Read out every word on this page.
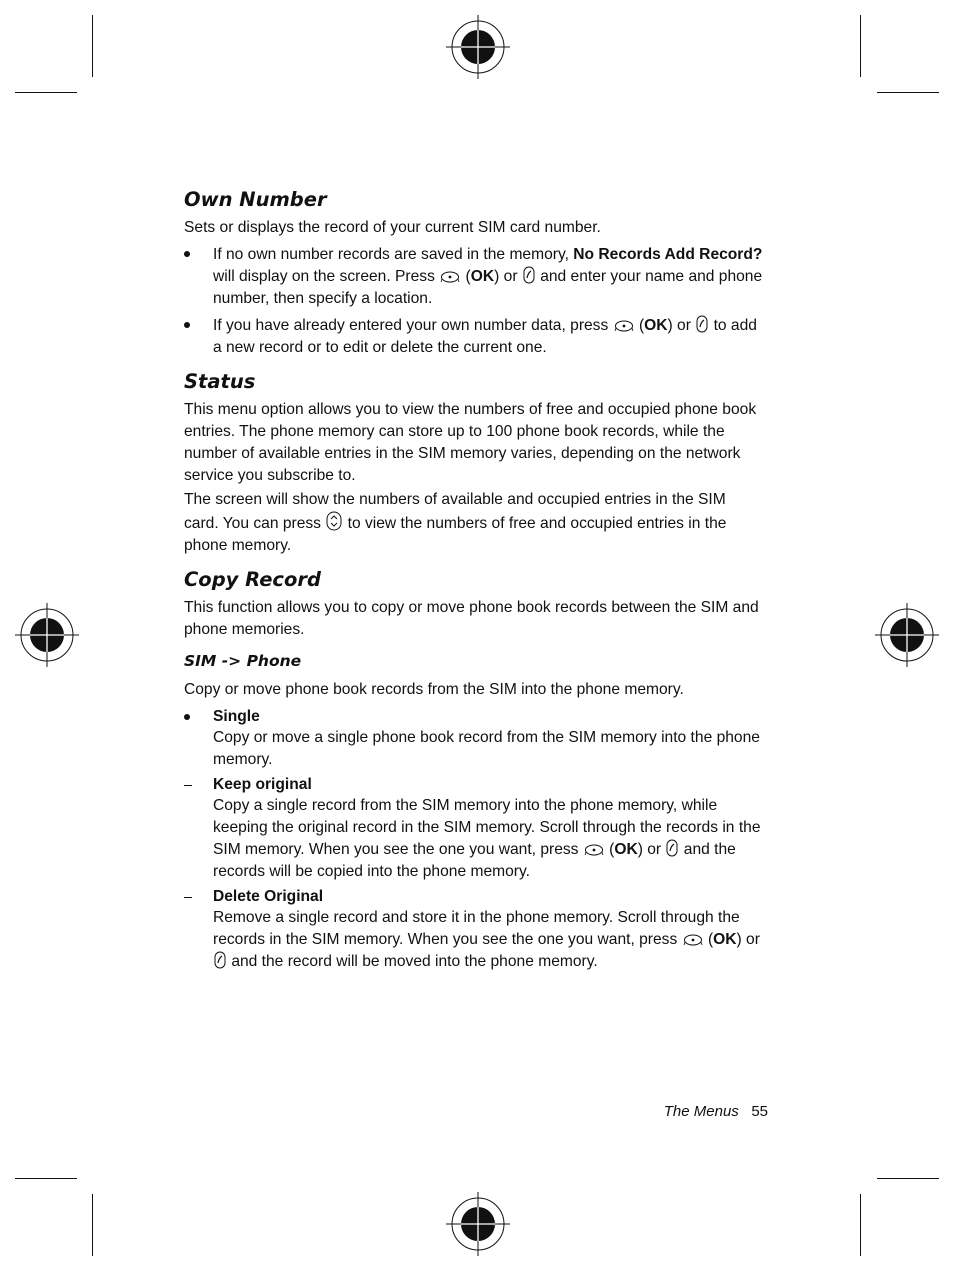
Own Number

Sets or displays the record of your current SIM card number.

If no own number records are saved in the memory, No Records Add Record? will display on the screen. Press  (OK) or  and enter your name and phone number, then specify a location.
If you have already entered your own number data, press  (OK) or  to add a new record or to edit or delete the current one.
Status

This menu option allows you to view the numbers of free and occupied phone book entries. The phone memory can store up to 100 phone book records, while the number of available entries in the SIM memory varies, depending on the network service you subscribe to.

The screen will show the numbers of available and occupied entries in the SIM card. You can press  to view the numbers of free and occupied entries in the phone memory.

Copy Record

This function allows you to copy or move phone book records between the SIM and phone memories.

SIM -> Phone

Copy or move phone book records from the SIM into the phone memory.

Single
Copy or move a single phone book record from the SIM memory into the phone memory.
Keep original
Copy a single record from the SIM memory into the phone memory, while keeping the original record in the SIM memory. Scroll through the records in the SIM memory. When you see the one you want, press  (OK) or  and the records will be copied into the phone memory.
Delete Original
Remove a single record and store it in the phone memory. Scroll through the records in the SIM memory. When you see the one you want, press  (OK) or  and the record will be moved into the phone memory.
The Menus 55
